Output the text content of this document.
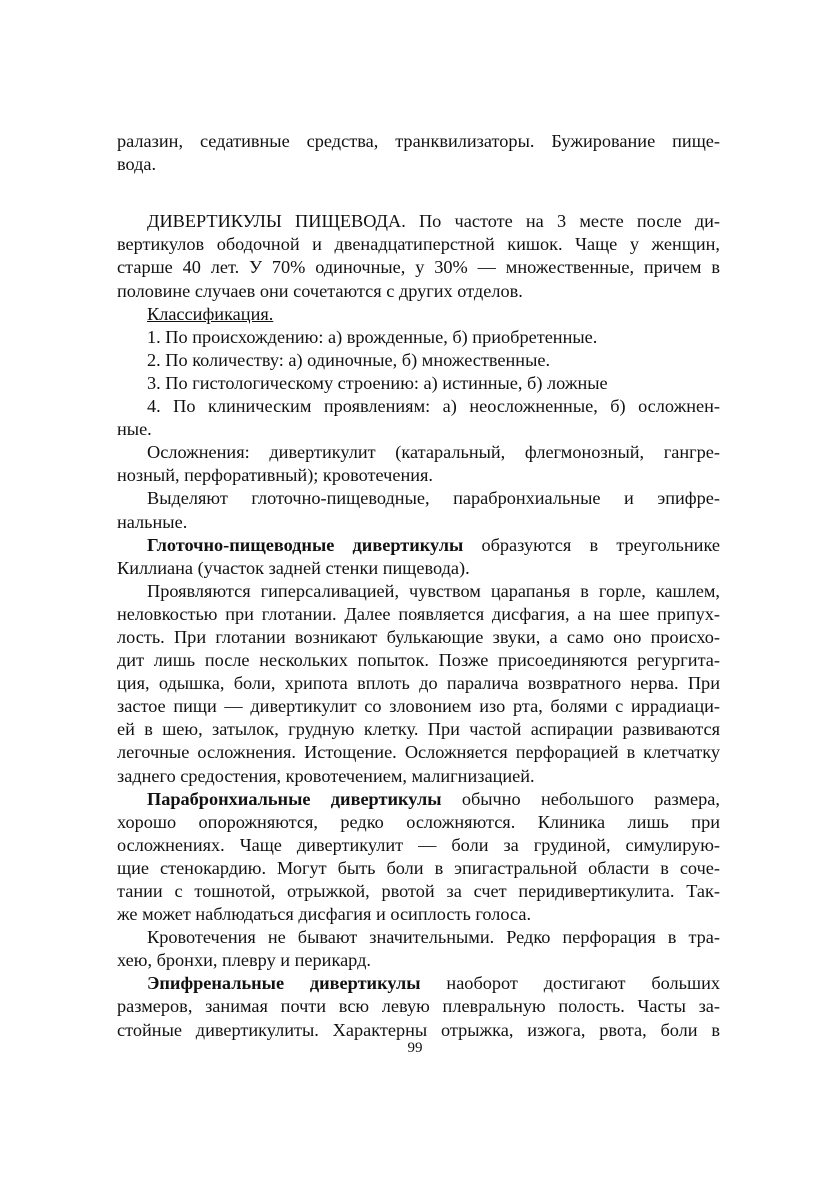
ралазин, седативные средства, транквилизаторы. Бужирование пище-
вода.
ДИВЕРТИКУЛЫ ПИЩЕВОДА. По частоте на 3 месте после ди-
вертикулов ободочной и двенадцатиперстной кишок. Чаще у женщин,
старше 40 лет. У 70% одиночные, у 30% — множественные, причем в
половине случаев они сочетаются с других отделов.
Классификация.
1. По происхождению: а) врожденные, б) приобретенные.
2. По количеству: а) одиночные, б) множественные.
3. По гистологическому строению: а) истинные, б) ложные
4. По клиническим проявлениям: а) неосложненные, б) осложнен-
ные.
Осложнения: дивертикулит (катаральный, флегмонозный, гангре-
нозный, перфоративный); кровотечения.
Выделяют глоточно-пищеводные, парабронхиальные и эпифре-
нальные.
Глоточно-пищеводные дивертикулы образуются в треугольнике
Киллиана (участок задней стенки пищевода).
Проявляются гиперсаливацией, чувством царапанья в горле, кашлем,
неловкостью при глотании. Далее появляется дисфагия, а на шее припух-
лость. При глотании возникают булькающие звуки, а само оно происхо-
дит лишь после нескольких попыток. Позже присоединяются регургита-
ция, одышка, боли, хрипота вплоть до паралича возвратного нерва. При
застое пищи — дивертикулит со зловонием изо рта, болями с иррадиаци-
ей в шею, затылок, грудную клетку. При частой аспирации развиваются
легочные осложнения. Истощение. Осложняется перфорацией в клетчатку
заднего средостения, кровотечением, малигнизацией.
Парабронхиальные дивертикулы обычно небольшого размера,
хорошо опорожняются, редко осложняются. Клиника лишь при
осложнениях. Чаще дивертикулит — боли за грудиной, симулирую-
щие стенокардию. Могут быть боли в эпигастральной области в соче-
тании с тошнотой, отрыжкой, рвотой за счет перидивертикулита. Так-
же может наблюдаться дисфагия и осиплость голоса.
Кровотечения не бывают значительными. Редко перфорация в тра-
хею, бронхи, плевру и перикард.
Эпифренальные дивертикулы наоборот достигают больших
размеров, занимая почти всю левую плевральную полость. Часты за-
стойные дивертикулиты. Характерны отрыжка, изжога, рвота, боли в
99
